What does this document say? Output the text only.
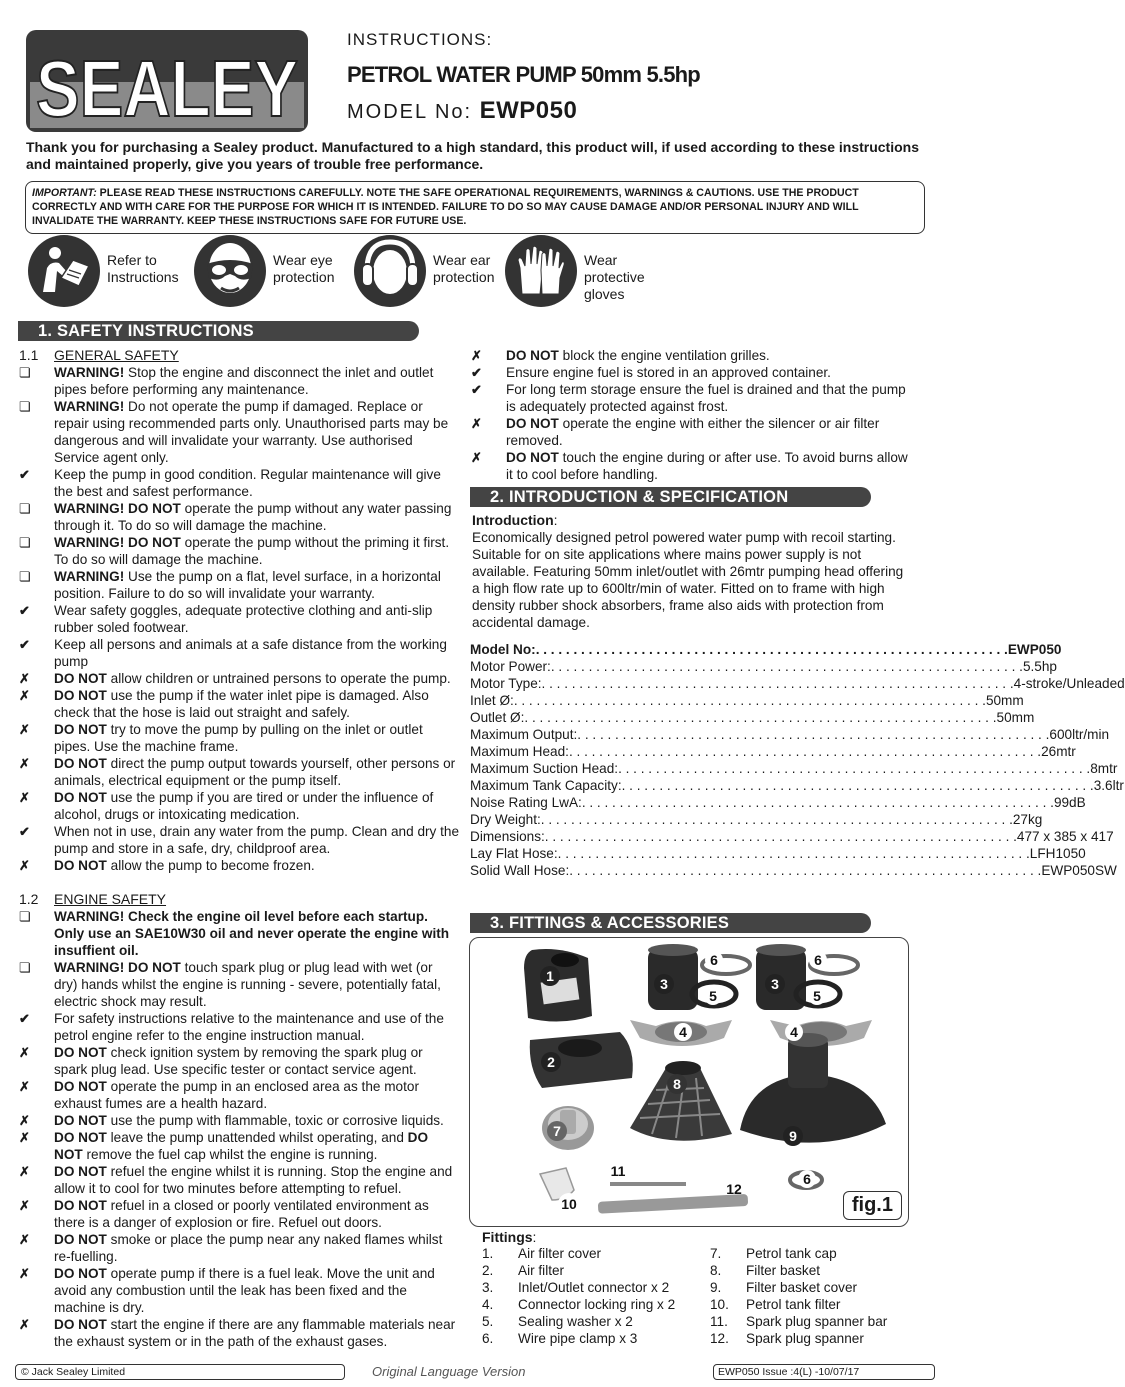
SEALEY
INSTRUCTIONS:
PETROL WATER PUMP 50mm 5.5hp
MODEL No: EWP050
Thank you for purchasing a Sealey product. Manufactured to a high standard, this product will, if used according to these instructions and maintained properly, give you years of trouble free performance.
IMPORTANT: PLEASE READ THESE INSTRUCTIONS CAREFULLY. NOTE THE SAFE OPERATIONAL REQUIREMENTS, WARNINGS & CAUTIONS. USE THE PRODUCT CORRECTLY AND WITH CARE FOR THE PURPOSE FOR WHICH IT IS INTENDED. FAILURE TO DO SO MAY CAUSE DAMAGE AND/OR PERSONAL INJURY AND WILL INVALIDATE THE WARRANTY. KEEP THESE INSTRUCTIONS SAFE FOR FUTURE USE.
Refer to
Instructions
Wear eye
protection
Wear ear
protection
Wear protective
gloves
1. SAFETY INSTRUCTIONS
1.1 GENERAL SAFETY
❏	WARNING! Stop the engine and disconnect the inlet and outlet pipes before performing any maintenance.
❏	WARNING! Do not operate the pump if damaged. Replace or repair using recommended parts only. Unauthorised parts may be dangerous and will invalidate your warranty. Use authorised Service agent only.
✔	Keep the pump in good condition. Regular maintenance will give the best and safest performance.
❏	WARNING! DO NOT operate the pump without any water passing through it. To do so will damage the machine.
❏	WARNING! DO NOT operate the pump without the priming it first. To do so will damage the machine.
❏	WARNING! Use the pump on a flat, level surface, in a horizontal position. Failure to do so will invalidate your warranty.
✔	Wear safety goggles, adequate protective clothing and anti-slip rubber soled footwear.
✔	Keep all persons and animals at a safe distance from the working pump
✗	DO NOT allow children or untrained persons to operate the pump.
✗	DO NOT use the pump if the water inlet pipe is damaged. Also check that the hose is laid out straight and safely.
✗	DO NOT try to move the pump by pulling on the inlet or outlet pipes. Use the machine frame.
✗	DO NOT direct the pump output towards yourself, other persons or animals, electrical equipment or the pump itself.
✗	DO NOT use the pump if you are tired or under the influence of alcohol, drugs or intoxicating medication.
✔	When not in use, drain any water from the pump. Clean and dry the pump and store in a safe, dry, childproof area.
✗	DO NOT allow the pump to become frozen.
1.2 ENGINE SAFETY
❏	WARNING! Check the engine oil level before each startup. Only use an SAE10W30 oil and never operate the engine with insuffient oil.
❏	WARNING! DO NOT touch spark plug or plug lead with wet (or dry) hands whilst the engine is running - severe, potentially fatal, electric shock may result.
✔	For safety instructions relative to the maintenance and use of the petrol engine refer to the engine instruction manual.
✗	DO NOT check ignition system by removing the spark plug or spark plug lead. Use specific tester or contact service agent.
✗	DO NOT operate the pump in an enclosed area as the motor exhaust fumes are a health hazard.
✗	DO NOT use the pump with flammable, toxic or corrosive liquids.
✗	DO NOT leave the pump unattended whilst operating, and DO NOT remove the fuel cap whilst the engine is running.
✗	DO NOT refuel the engine whilst it is running. Stop the engine and allow it to cool for two minutes before attempting to refuel.
✗	DO NOT refuel in a closed or poorly ventilated environment as there is a danger of explosion or fire. Refuel out doors.
✗	DO NOT smoke or place the pump near any naked flames whilst re-fuelling.
✗	DO NOT operate pump if there is a fuel leak. Move the unit and avoid any combustion until the leak has been fixed and the machine is dry.
✗	DO NOT start the engine if there are any flammable materials near the exhaust system or in the path of the exhaust gases.
✗	DO NOT block the engine ventilation grilles.
✔	Ensure engine fuel is stored in an approved container.
✔	For long term storage ensure the fuel is drained and that the pump is adequately protected against frost.
✗	DO NOT operate the engine with either the silencer or air filter removed.
✗	DO NOT touch the engine during or after use. To avoid burns allow it to cool before handling.
2. INTRODUCTION & SPECIFICATION
Introduction:
Economically designed petrol powered water pump with recoil starting. Suitable for on site applications where mains power supply is not available. Featuring 50mm inlet/outlet with 26mtr pumping head offering a high flow rate up to 600ltr/min of water. Fitted on to frame with high density rubber shock absorbers, frame also aids with protection from accidental damage.
Model No: . . .	EWP050
Motor Power: . . .	5.5hp
Motor Type: . . .	4-stroke/Unleaded
Inlet Ø: . . .	50mm
Outlet Ø: . . .	50mm
Maximum Output: . . .	600ltr/min
Maximum Head: . . .	26mtr
Maximum Suction Head: . . .	8mtr
Maximum Tank Capacity: . . .	3.6ltr
Noise Rating LwA: . . .	99dB
Dry Weight: . . .	27kg
Dimensions: . . .	477 x 385 x 417
Lay Flat Hose: . . .	LFH1050
Solid Wall Hose: . . .	EWP050SW
3. FITTINGS & ACCESSORIES
1
2
3	3
4	4
5	5
6	6
6
7
8
9
10
11
12
fig.1
Fittings:
1. Air filter cover
2. Air filter
3. Inlet/Outlet connector x 2
4. Connector locking ring x 2
5. Sealing washer x 2
6. Wire pipe clamp x 3
7. Petrol tank cap
8. Filter basket
9. Filter basket cover
10. Petrol tank filter
11. Spark plug spanner bar
12. Spark plug spanner
© Jack Sealey Limited	Original Language Version	EWP050 Issue :4(L) -10/07/17
